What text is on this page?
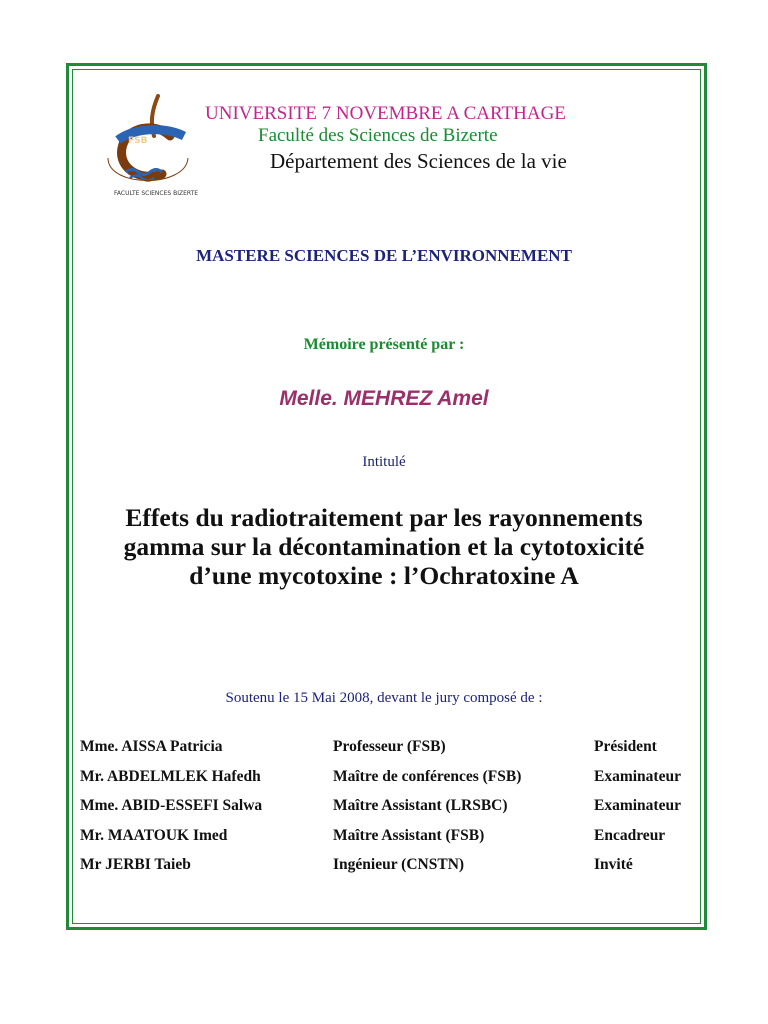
FSB
FACULTE SCIENCES BIZERTE
UNIVERSITE 7 NOVEMBRE A CARTHAGE
Faculté des Sciences de Bizerte
Département des Sciences de la vie
MASTERE SCIENCES DE L’ENVIRONNEMENT
Mémoire présenté par :
Melle. MEHREZ Amel
Intitulé
Effets du radiotraitement par les rayonnements
gamma sur la décontamination et la cytotoxicité
d’une mycotoxine : l’Ochratoxine A
Soutenu le 15 Mai 2008, devant le jury composé de :
Mme. AISSA Patricia	Professeur (FSB)	Président
Mr. ABDELMLEK Hafedh	Maître de conférences (FSB)	Examinateur
Mme. ABID-ESSEFI Salwa	Maître Assistant (LRSBC)	Examinateur
Mr. MAATOUK Imed	Maître Assistant (FSB)	Encadreur
Mr JERBI Taieb	Ingénieur (CNSTN)	Invité
